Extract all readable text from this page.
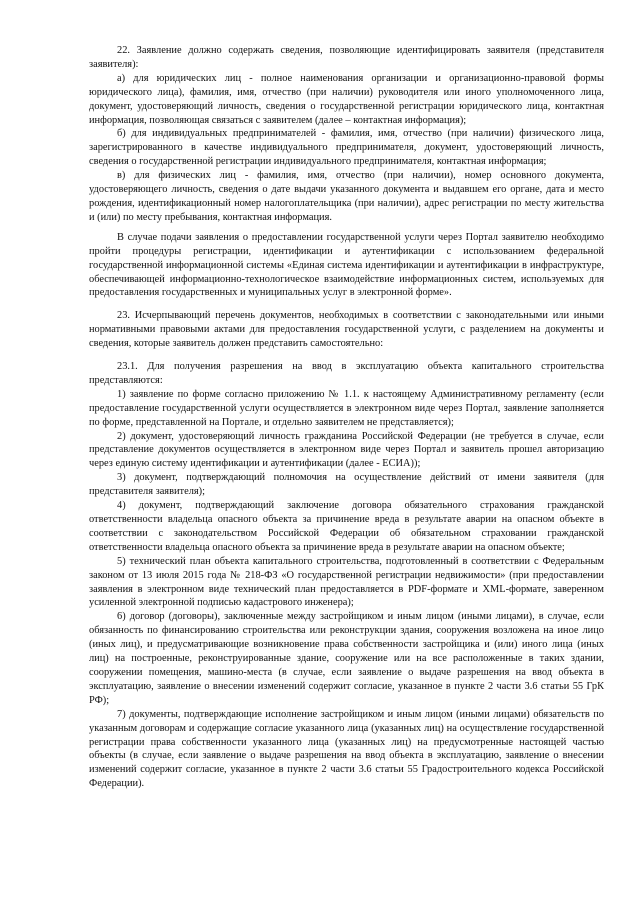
22. Заявление должно содержать сведения, позволяющие идентифицировать заявителя (представителя заявителя):

а) для юридических лиц - полное наименования организации и организационно-правовой формы юридического лица), фамилия, имя, отчество (при наличии) руководителя или иного уполномоченного лица, документ, удостоверяющий личность, сведения о государственной регистрации юридического лица, контактная информация, позволяющая связаться с заявителем (далее – контактная информация);

б) для индивидуальных предпринимателей - фамилия, имя, отчество (при наличии) физического лица, зарегистрированного в качестве индивидуального предпринимателя, документ, удостоверяющий личность, сведения о государственной регистрации индивидуального предпринимателя, контактная информация;

в) для физических лиц - фамилия, имя, отчество (при наличии), номер основного документа, удостоверяющего личность, сведения о дате выдачи указанного документа и выдавшем его органе, дата и место рождения, идентификационный номер налогоплательщика (при наличии), адрес регистрации по месту жительства и (или) по месту пребывания, контактная информация.

В случае подачи заявления о предоставлении государственной услуги через Портал заявителю необходимо пройти процедуры регистрации, идентификации и аутентификации с использованием федеральной государственной информационной системы «Единая система идентификации и аутентификации в инфраструктуре, обеспечивающей информационно-технологическое взаимодействие информационных систем, используемых для предоставления государственных и муниципальных услуг в электронной форме».

23. Исчерпывающий перечень документов, необходимых в соответствии с законодательными или иными нормативными правовыми актами для предоставления государственной услуги, с разделением на документы и сведения, которые заявитель должен представить самостоятельно:

23.1. Для получения разрешения на ввод в эксплуатацию объекта капитального строительства представляются:

1) заявление по форме согласно приложению № 1.1. к настоящему Административному регламенту (если предоставление государственной услуги осуществляется в электронном виде через Портал, заявление заполняется по форме, представленной на Портале, и отдельно заявителем не представляется);

2) документ, удостоверяющий личность гражданина Российской Федерации (не требуется в случае, если представление документов осуществляется в электронном виде через Портал и заявитель прошел авторизацию через единую систему идентификации и аутентификации (далее - ЕСИА));

3) документ, подтверждающий полномочия на осуществление действий от имени заявителя (для представителя заявителя);

4) документ, подтверждающий заключение договора обязательного страхования гражданской ответственности владельца опасного объекта за причинение вреда в результате аварии на опасном объекте в соответствии с законодательством Российской Федерации об обязательном страховании гражданской ответственности владельца опасного объекта за причинение вреда в результате аварии на опасном объекте;

5) технический план объекта капитального строительства, подготовленный в соответствии с Федеральным законом от 13 июля 2015 года № 218-ФЗ «О государственной регистрации недвижимости» (при предоставлении заявления в электронном виде технический план предоставляется в PDF-формате и XML-формате, заверенном усиленной электронной подписью кадастрового инженера);

6) договор (договоры), заключенные между застройщиком и иным лицом (иными лицами), в случае, если обязанность по финансированию строительства или реконструкции здания, сооружения возложена на иное лицо (иных лиц), и предусматривающие возникновение права собственности застройщика и (или) иного лица (иных лиц) на построенные, реконструированные здание, сооружение или на все расположенные в таких здании, сооружении помещения, машино-места (в случае, если заявление о выдаче разрешения на ввод объекта в эксплуатацию, заявление о внесении изменений содержит согласие, указанное в пункте 2 части 3.6 статьи 55 ГрК РФ);

7) документы, подтверждающие исполнение застройщиком и иным лицом (иными лицами) обязательств по указанным договорам и содержащие согласие указанного лица (указанных лиц) на осуществление государственной регистрации права собственности указанного лица (указанных лиц) на предусмотренные настоящей частью объекты (в случае, если заявление о выдаче разрешения на ввод объекта в эксплуатацию, заявление о внесении изменений содержит согласие, указанное в пункте 2 части 3.6 статьи 55 Градостроительного кодекса Российской Федерации).
